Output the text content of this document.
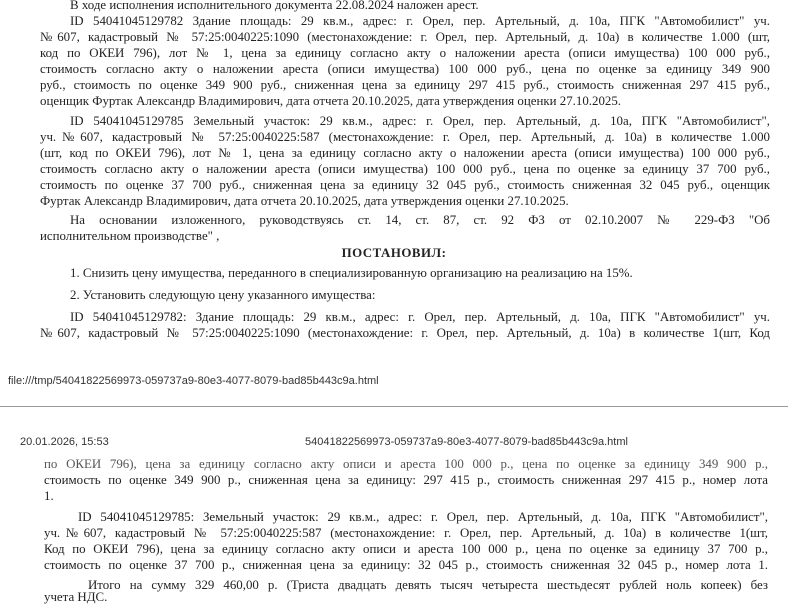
В ходе исполнения исполнительного документа 22.08.2024 наложен арест.
ID 54041045129782 Здание площадь: 29 кв.м., адрес: г. Орел, пер. Артельный, д. 10а, ПГК "Автомобилист" уч.
№607, кадастровый № 57:25:0040225:1090 (местонахождение: г. Орел, пер. Артельный, д. 10а) в количестве 1.000 (шт,
код по ОКЕИ 796), лот № 1, цена за единицу согласно акту о наложении ареста (описи имущества) 100 000 руб.,
стоимость согласно акту о наложении ареста (описи имущества) 100 000 руб., цена по оценке за единицу 349 900
руб., стоимость по оценке 349 900 руб., сниженная цена за единицу 297 415 руб., стоимость сниженная 297 415 руб.,
оценщик Фуртак Александр Владимирович, дата отчета 20.10.2025, дата утверждения оценки 27.10.2025.
ID 54041045129785 Земельный участок: 29 кв.м., адрес: г. Орел, пер. Артельный, д. 10а, ПГК "Автомобилист",
уч.№607, кадастровый № 57:25:0040225:587 (местонахождение: г. Орел, пер. Артельный, д. 10а) в количестве 1.000
(шт, код по ОКЕИ 796), лот № 1, цена за единицу согласно акту о наложении ареста (описи имущества) 100 000 руб.,
стоимость согласно акту о наложении ареста (описи имущества) 100 000 руб., цена по оценке за единицу 37 700 руб.,
стоимость по оценке 37 700 руб., сниженная цена за единицу 32 045 руб., стоимость сниженная 32 045 руб., оценщик
Фуртак Александр Владимирович, дата отчета 20.10.2025, дата утверждения оценки 27.10.2025.
На основании изложенного, руководствуясь ст. 14, ст. 87, ст. 92 ФЗ от 02.10.2007 № 229-ФЗ "Об
исполнительном производстве" ,
ПОСТАНОВИЛ:
1. Снизить цену имущества, переданного в специализированную организацию на реализацию на 15%.
2. Установить следующую цену указанного имущества:
ID 54041045129782: Здание площадь: 29 кв.м., адрес: г. Орел, пер. Артельный, д. 10а, ПГК "Автомобилист" уч.
№607, кадастровый № 57:25:0040225:1090 (местонахождение: г. Орел, пер. Артельный, д. 10а) в количестве 1(шт, Код
file:///tmp/54041822569973-059737a9-80e3-4077-8079-bad85b443c9a.html
20.01.2026, 15:53	54041822569973-059737a9-80e3-4077-8079-bad85b443c9a.html
по ОКЕИ 796), цена за единицу согласно акту описи и ареста 100 000 р., цена по оценке за единицу 349 900 р.,
стоимость по оценке 349 900 р., сниженная цена за единицу: 297 415 р., стоимость сниженная 297 415 р., номер лота
1.
ID 54041045129785: Земельный участок: 29 кв.м., адрес: г. Орел, пер. Артельный, д. 10а, ПГК "Автомобилист",
уч.№607, кадастровый № 57:25:0040225:587 (местонахождение: г. Орел, пер. Артельный, д. 10а) в количестве 1(шт,
Код по ОКЕИ 796), цена за единицу согласно акту описи и ареста 100 000 р., цена по оценке за единицу 37 700 р.,
стоимость по оценке 37 700 р., сниженная цена за единицу: 32 045 р., стоимость сниженная 32 045 р., номер лота 1.
Итого на сумму 329 460,00 р. (Триста двадцать девять тысяч четыреста шестьдесят рублей ноль копеек) без
учета НДС.
